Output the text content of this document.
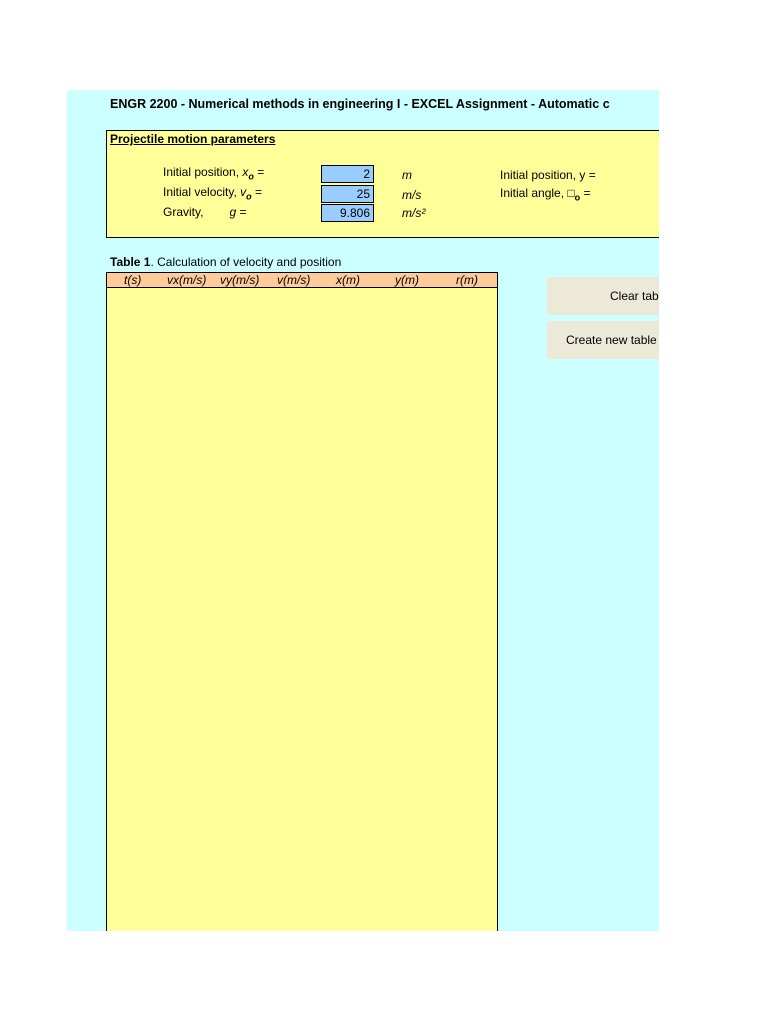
ENGR 2200 - Numerical methods in engineering I - EXCEL Assignment - Automatic c
Projectile motion parameters
Initial position, $x_o$ =	2	m
Initial velocity, $v_o$ =	25	m/s
Gravity, g =	9.806	m/s²
Initial position, y =
Initial angle, $□_o$ =
Table 1. Calculation of velocity and position
t(s) vx(m/s) vy(m/s) v(m/s) x(m)	y(m)	r(m)
Clear tab
Create new table
